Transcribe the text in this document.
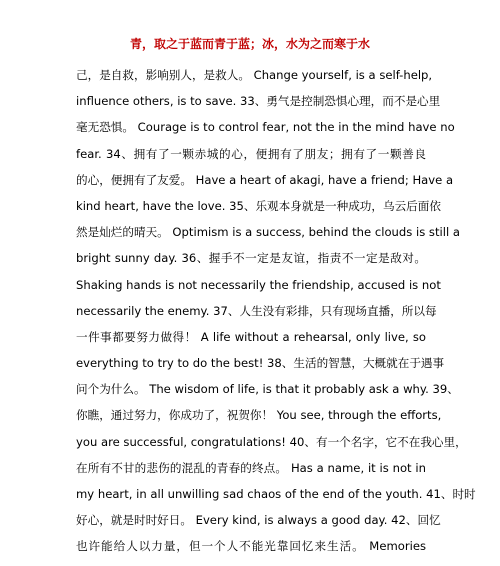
青，取之于蓝而青于蓝；冰，水为之而寒于水
己，是自救，影响别人，是救人。 Change yourself, is a self-help,
influence others, is to save. 33、勇气是控制恐惧心理，而不是心里
毫无恐惧。 Courage is to control fear, not the in the mind have no
fear. 34、拥有了一颗赤城的心，便拥有了朋友；拥有了一颗善良
的心，便拥有了友爱。 Have a heart of akagi, have a friend; Have a
kind heart, have the love. 35、乐观本身就是一种成功，乌云后面依
然是灿烂的晴天。 Optimism is a success, behind the clouds is still a
bright sunny day. 36、握手不一定是友谊，指责不一定是敌对。
Shaking hands is not necessarily the friendship, accused is not
necessarily the enemy. 37、人生没有彩排，只有现场直播，所以每
一件事都要努力做得！ A life without a rehearsal, only live, so
everything to try to do the best! 38、生活的智慧，大概就在于遇事
问个为什么。 The wisdom of life, is that it probably ask a why. 39、
你瞧，通过努力，你成功了，祝贺你！ You see, through the efforts,
you are successful, congratulations! 40、有一个名字，它不在我心里，
在所有不甘的悲伤的混乱的青春的终点。 Has a name, it is not in
my heart, in all unwilling sad chaos of the end of the youth. 41、时时
好心，就是时时好日。 Every kind, is always a good day. 42、回忆
也许能给人以力量，但一个人不能光靠回忆来生活。 Memories
